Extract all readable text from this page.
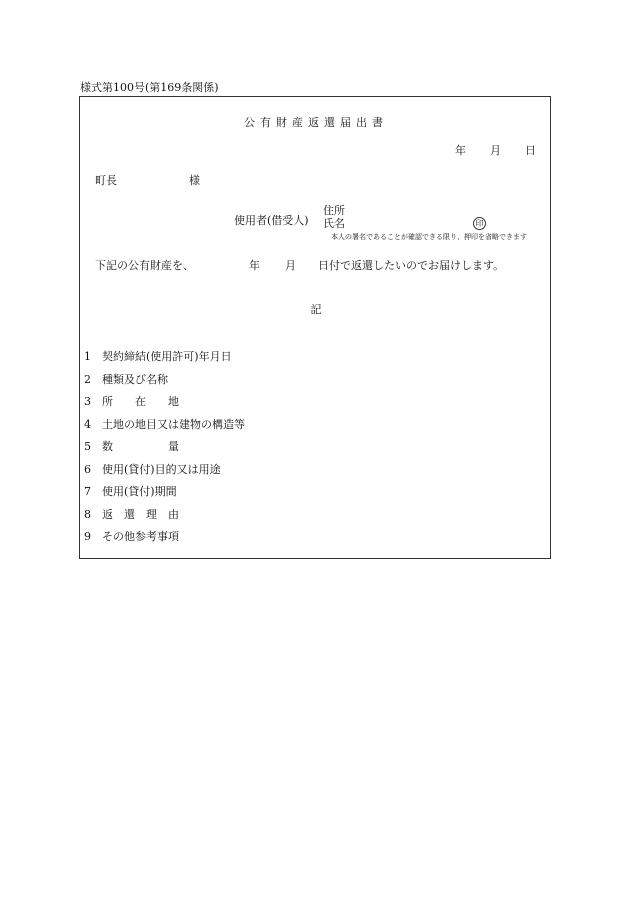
様式第100号(第169条関係)
公有財産返還届出書
年 月 日
町長	様
使用者(借受人)
住所
氏名	印
本人の署名であることが確認できる限り、押印を省略できます
下記の公有財産を、	年 月 日付で返還したいのでお届けします。
記
1 契約締結(使用許可)年月日
2 種類及び名称
3 所　　在　　地
4 土地の地目又は建物の構造等
5 数　　　　　量
6 使用(貸付)目的又は用途
7 使用(貸付)期間
8 返　還　理　由
9 その他参考事項
